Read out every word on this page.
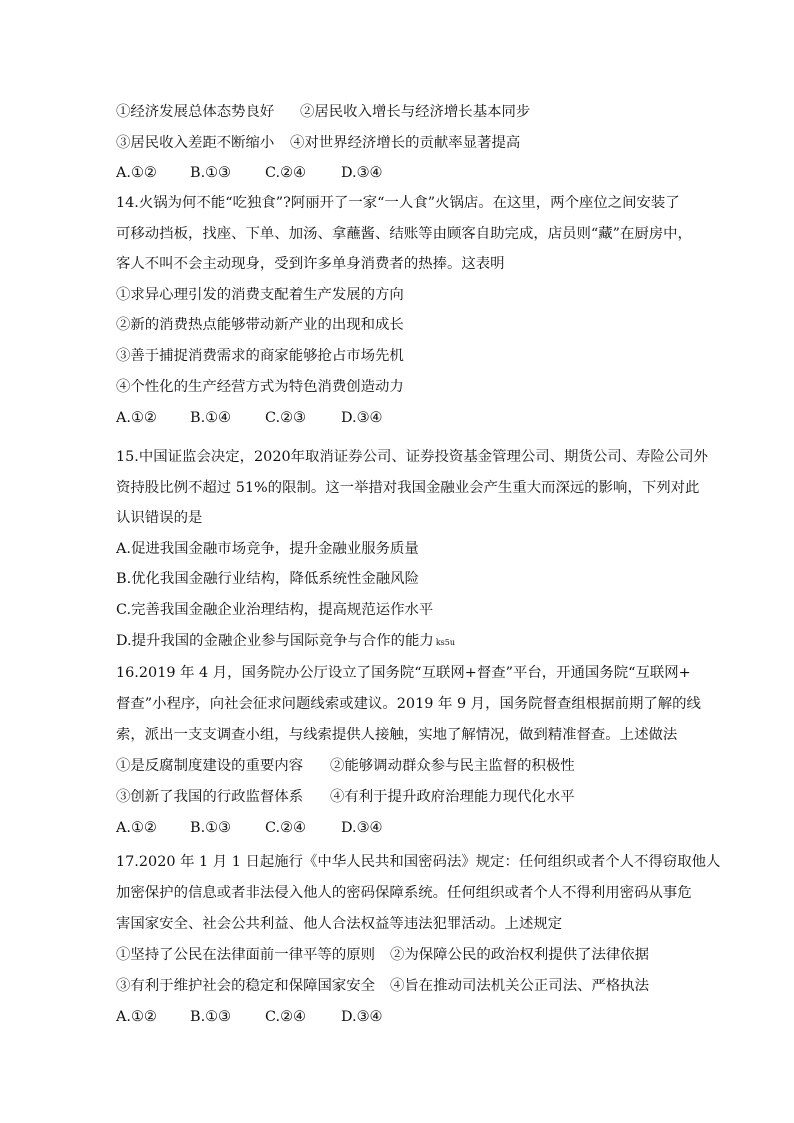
①经济发展总体态势良好 ②居民收入增长与经济增长基本同步
③居民收入差距不断缩小 ④对世界经济增长的贡献率显著提高
A.①② B.①③ C.②④ D.③④
14.火锅为何不能“吃独食”?阿丽开了一家“一人食”火锅店。在这里，两个座位之间安装了
可移动挡板，找座、下单、加汤、拿蘸酱、结账等由顾客自助完成，店员则“藏”在厨房中，
客人不叫不会主动现身，受到许多单身消费者的热捧。这表明
①求异心理引发的消费支配着生产发展的方向
②新的消费热点能够带动新产业的出现和成长
③善于捕捉消费需求的商家能够抢占市场先机
④个性化的生产经营方式为特色消费创造动力
A.①② B.①④ C.②③ D.③④
15.中国证监会决定，2020年取消证券公司、证券投资基金管理公司、期货公司、寿险公司外
资持股比例不超过 51%的限制。这一举措对我国金融业会产生重大而深远的影响，下列对此
认识错误的是
A.促进我国金融市场竞争，提升金融业服务质量
B.优化我国金融行业结构，降低系统性金融风险
C.完善我国金融企业治理结构，提高规范运作水平
D.提升我国的金融企业参与国际竞争与合作的能力 ks5u
16.2019 年 4 月，国务院办公厅设立了国务院“互联网+督查”平台，开通国务院“互联网+
督查”小程序，向社会征求问题线索或建议。2019 年 9 月，国务院督查组根据前期了解的线
索，派出一支支调查小组，与线索提供人接触，实地了解情况，做到精准督查。上述做法
①是反腐制度建设的重要内容 ②能够调动群众参与民主监督的积极性
③创新了我国的行政监督体系 ④有利于提升政府治理能力现代化水平
A.①② B.①③ C.②④ D.③④
17.2020 年 1 月 1 日起施行《中华人民共和国密码法》规定：任何组织或者个人不得窃取他人
加密保护的信息或者非法侵入他人的密码保障系统。任何组织或者个人不得利用密码从事危
害国家安全、社会公共利益、他人合法权益等违法犯罪活动。上述规定
①坚持了公民在法律面前一律平等的原则 ②为保障公民的政治权利提供了法律依据
③有利于维护社会的稳定和保障国家安全 ④旨在推动司法机关公正司法、严格执法
A.①② B.①③ C.②④ D.③④
